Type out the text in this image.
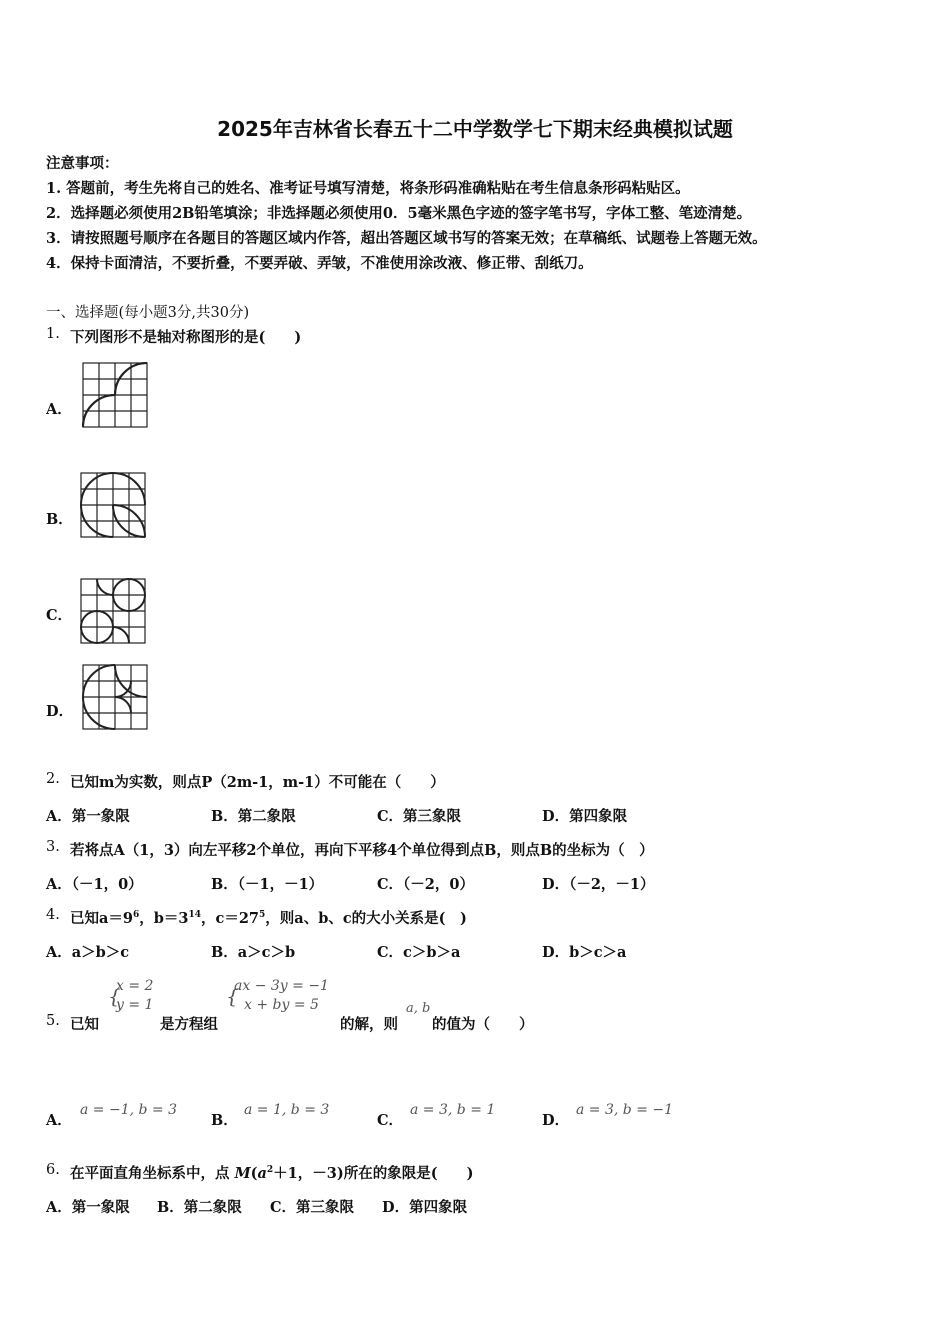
2025年吉林省长春五十二中学数学七下期末经典模拟试题
注意事项：
1. 答题前，考生先将自己的姓名、准考证号填写清楚，将条形码准确粘贴在考生信息条形码粘贴区。
2．选择题必须使用2B铅笔填涂；非选择题必须使用0．5毫米黑色字迹的签字笔书写，字体工整、笔迹清楚。
3．请按照题号顺序在各题目的答题区域内作答，超出答题区域书写的答案无效；在草稿纸、试题卷上答题无效。
4．保持卡面清洁，不要折叠，不要弄破、弄皱，不准使用涂改液、修正带、刮纸刀。
一、选择题(每小题3分,共30分)
1. 下列图形不是轴对称图形的是(　　)
A．
B．
C．
D．
2. 已知m为实数，则点P（2m-1，m-1）不可能在（　　）
A．第一象限	B．第二象限	C．第三象限	D．第四象限
3. 若将点A（1，3）向左平移2个单位，再向下平移4个单位得到点B，则点B的坐标为（　）
A．（－1，0）	B．（－1，－1）	C．（－2，0）	D．（－2，－1）
4. 已知$a=9^6$，$b=3^{14}$，$c=27^5$，则a、b、c的大小关系是(　)
A．a＞b＞c	B．a＞c＞b	C．c＞b＞a	D．b＞c＞a
5. 已知
{
x = 2
y = 1
是方程组
{
ax − 3y = −1
x + by = 5
的解，则
a, b
的值为（　　）
A．
a = −1, b = 3
B．
a = 1, b = 3
C．
a = 3, b = 1
D．
a = 3, b = −1
6. 在平面直角坐标系中，点 $M(a^2+1$，－3)所在的象限是(　　)
A．第一象限 B．第二象限 C．第三象限 D．第四象限
